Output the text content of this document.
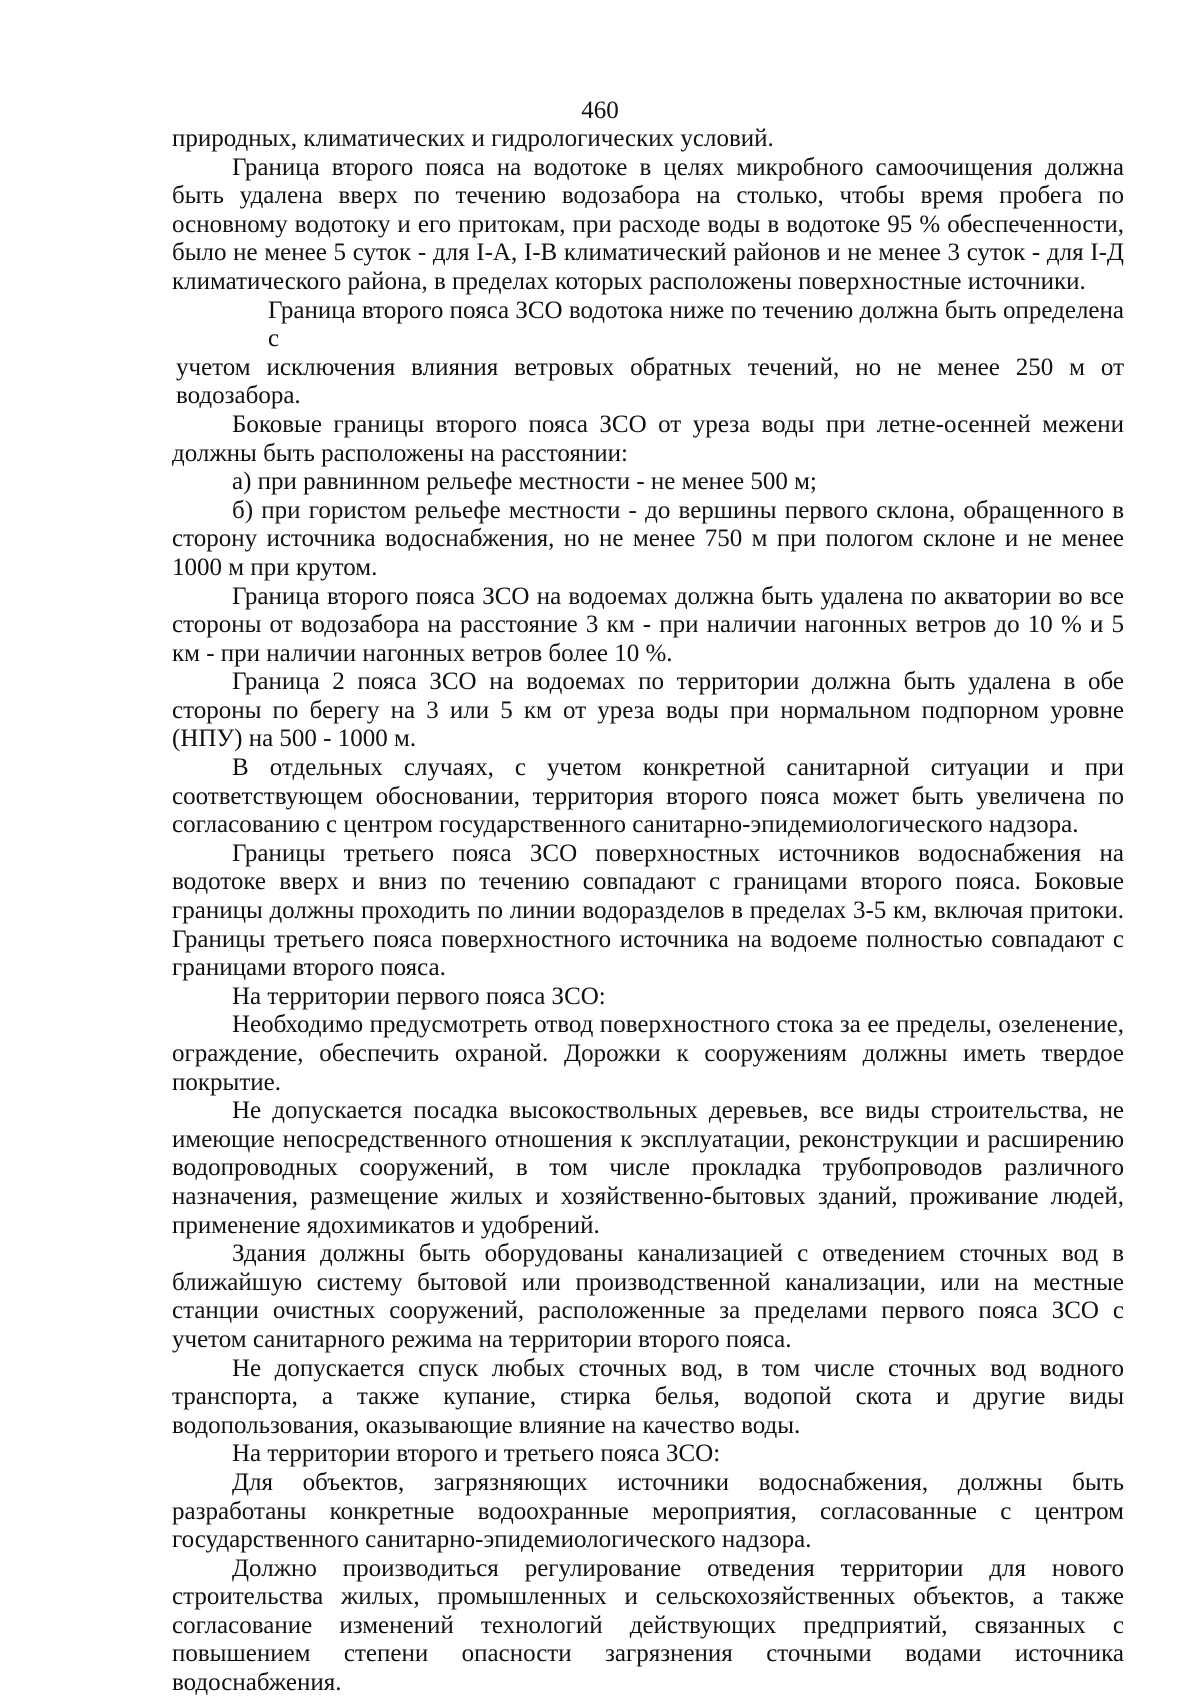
460

природных, климатических и гидрологических условий.

Граница второго пояса на водотоке в целях микробного самоочищения должна быть удалена вверх по течению водозабора на столько, чтобы время пробега по основному водотоку и его притокам, при расходе воды в водотоке 95 % обеспеченности, было не менее 5 суток - для I-А, I-В климатический районов и не менее 3 суток - для I-Д климатического района, в пределах которых расположены поверхностные источники.

Граница второго пояса ЗСО водотока ниже по течению должна быть определена с

учетом исключения влияния ветровых обратных течений, но не менее 250 м от водозабора.

Боковые границы второго пояса ЗСО от уреза воды при летне-осенней межени должны быть расположены на расстоянии:

а) при равнинном рельефе местности - не менее 500 м;

б) при гористом рельефе местности - до вершины первого склона, обращенного в сторону источника водоснабжения, но не менее 750 м при пологом склоне и не менее 1000 м при крутом.

Граница второго пояса ЗСО на водоемах должна быть удалена по акватории во все стороны от водозабора на расстояние 3 км - при наличии нагонных ветров до 10 % и 5 км - при наличии нагонных ветров более 10 %.

Граница 2 пояса ЗСО на водоемах по территории должна быть удалена в обе стороны по берегу на 3 или 5 км от уреза воды при нормальном подпорном уровне (НПУ) на 500 - 1000 м.

В отдельных случаях, с учетом конкретной санитарной ситуации и при соответствующем обосновании, территория второго пояса может быть увеличена по согласованию с центром государственного санитарно-эпидемиологического надзора.

Границы третьего пояса ЗСО поверхностных источников водоснабжения на водотоке вверх и вниз по течению совпадают с границами второго пояса. Боковые границы должны проходить по линии водоразделов в пределах 3-5 км, включая притоки. Границы третьего пояса поверхностного источника на водоеме полностью совпадают с границами второго пояса.

На территории первого пояса ЗСО:

Необходимо предусмотреть отвод поверхностного стока за ее пределы, озеленение, ограждение, обеспечить охраной. Дорожки к сооружениям должны иметь твердое покрытие.

Не допускается посадка высокоствольных деревьев, все виды строительства, не имеющие непосредственного отношения к эксплуатации, реконструкции и расширению водопроводных сооружений, в том числе прокладка трубопроводов различного назначения, размещение жилых и хозяйственно-бытовых зданий, проживание людей, применение ядохимикатов и удобрений.

Здания должны быть оборудованы канализацией с отведением сточных вод в ближайшую систему бытовой или производственной канализации, или на местные станции очистных сооружений, расположенные за пределами первого пояса ЗСО с учетом санитарного режима на территории второго пояса.

Не допускается спуск любых сточных вод, в том числе сточных вод водного транспорта, а также купание, стирка белья, водопой скота и другие виды водопользования, оказывающие влияние на качество воды.

На территории второго и третьего пояса ЗСО:

Для объектов, загрязняющих источники водоснабжения, должны быть разработаны конкретные водоохранные мероприятия, согласованные с центром государственного санитарно-эпидемиологического надзора.

Должно производиться регулирование отведения территории для нового строительства жилых, промышленных и сельскохозяйственных объектов, а также согласование изменений технологий действующих предприятий, связанных с повышением степени опасности загрязнения сточными водами источника водоснабжения.
